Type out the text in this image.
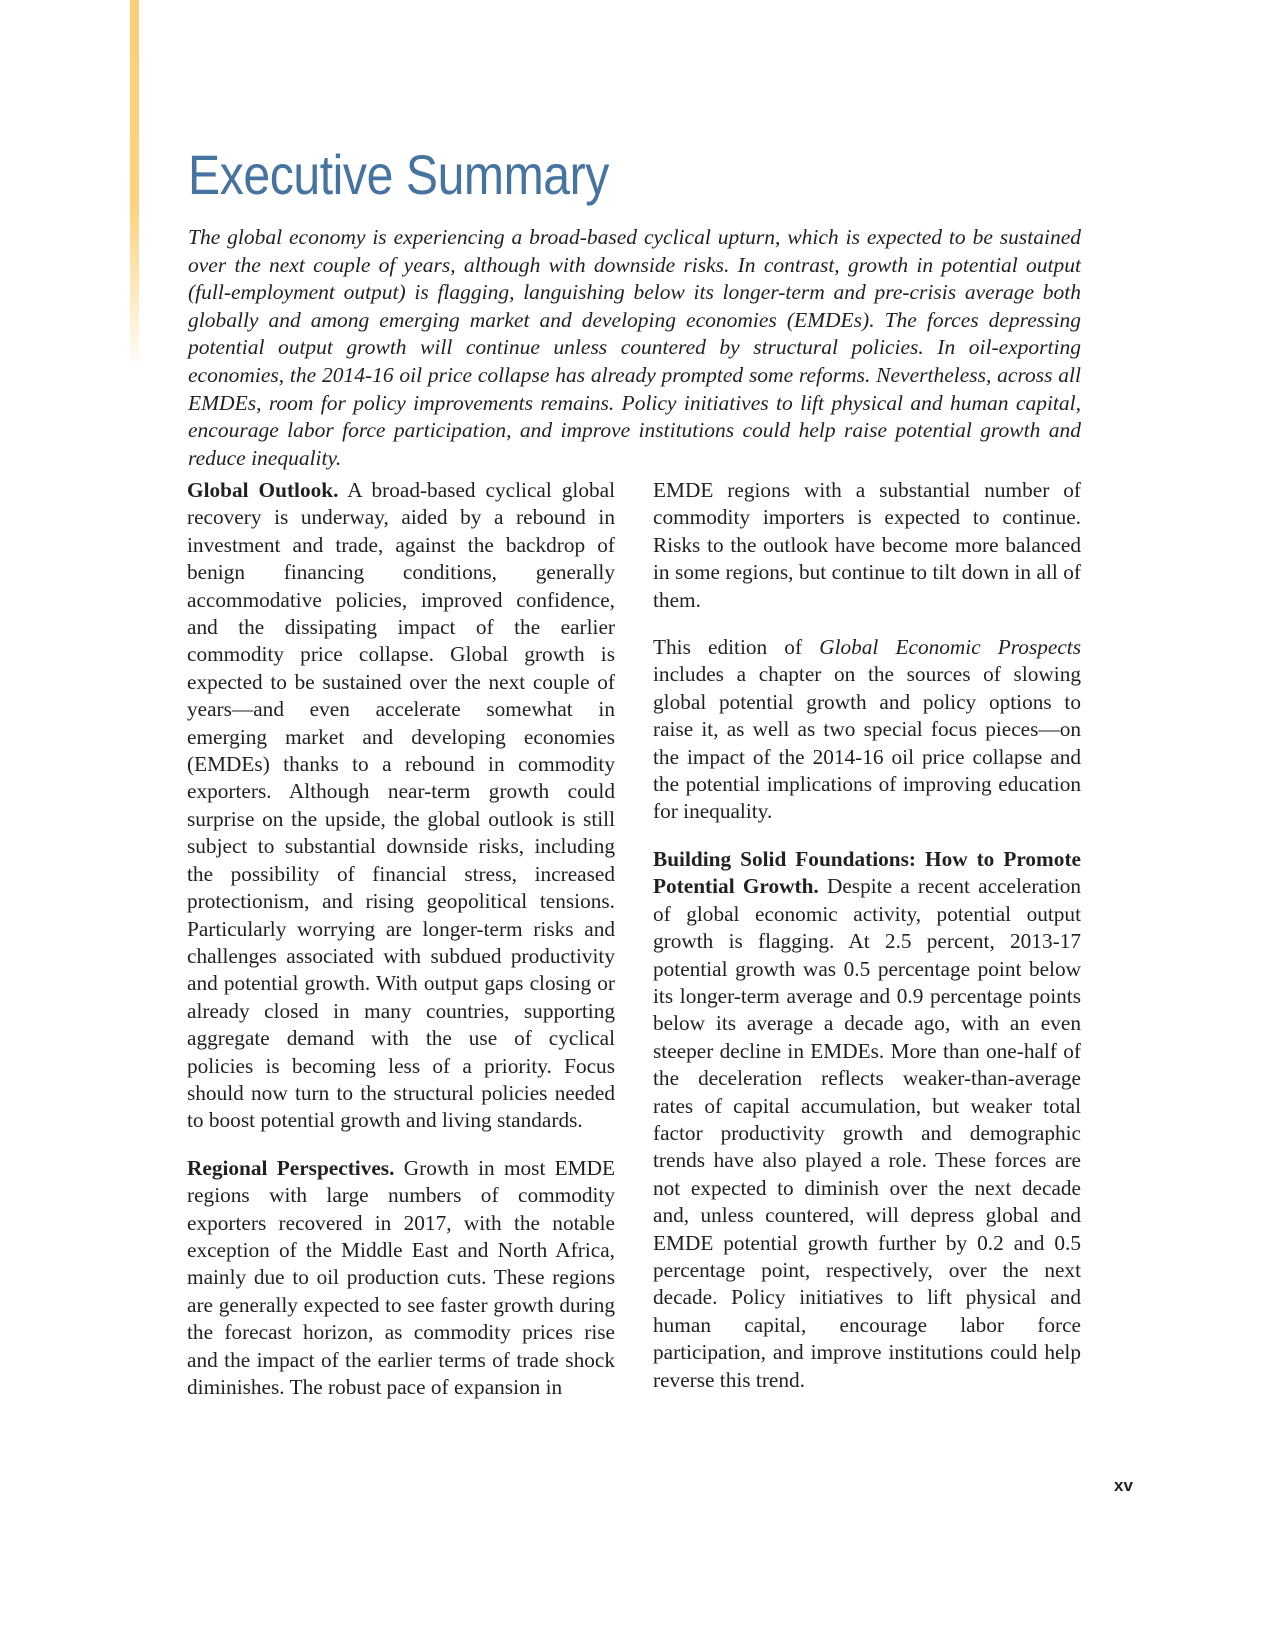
Executive Summary

The global economy is experiencing a broad-based cyclical upturn, which is expected to be sustained over the next couple of years, although with downside risks. In contrast, growth in potential output (full-employment output) is flagging, languishing below its longer-term and pre-crisis average both globally and among emerging market and developing economies (EMDEs). The forces depressing potential output growth will continue unless countered by structural policies. In oil-exporting economies, the 2014-16 oil price collapse has already prompted some reforms. Nevertheless, across all EMDEs, room for policy improvements remains. Policy initiatives to lift physical and human capital, encourage labor force participation, and improve institutions could help raise potential growth and reduce inequality.

Global Outlook. A broad-based cyclical global recovery is underway, aided by a rebound in investment and trade, against the backdrop of benign financing conditions, generally accommodative policies, improved confidence, and the dissipating impact of the earlier commodity price collapse. Global growth is expected to be sustained over the next couple of years—and even accelerate somewhat in emerging market and developing economies (EMDEs) thanks to a rebound in commodity exporters. Although near-term growth could surprise on the upside, the global outlook is still subject to substantial downside risks, including the possibility of financial stress, increased protectionism, and rising geopolitical tensions. Particularly worrying are longer-term risks and challenges associated with subdued productivity and potential growth. With output gaps closing or already closed in many countries, supporting aggregate demand with the use of cyclical policies is becoming less of a priority. Focus should now turn to the structural policies needed to boost potential growth and living standards.

Regional Perspectives. Growth in most EMDE regions with large numbers of commodity exporters recovered in 2017, with the notable exception of the Middle East and North Africa, mainly due to oil production cuts. These regions are generally expected to see faster growth during the forecast horizon, as commodity prices rise and the impact of the earlier terms of trade shock diminishes. The robust pace of expansion in

EMDE regions with a substantial number of commodity importers is expected to continue. Risks to the outlook have become more balanced in some regions, but continue to tilt down in all of them.

This edition of Global Economic Prospects includes a chapter on the sources of slowing global potential growth and policy options to raise it, as well as two special focus pieces—on the impact of the 2014-16 oil price collapse and the potential implications of improving education for inequality.

Building Solid Foundations: How to Promote Potential Growth. Despite a recent acceleration of global economic activity, potential output growth is flagging. At 2.5 percent, 2013-17 potential growth was 0.5 percentage point below its longer-term average and 0.9 percentage points below its average a decade ago, with an even steeper decline in EMDEs. More than one-half of the deceleration reflects weaker-than-average rates of capital accumulation, but weaker total factor productivity growth and demographic trends have also played a role. These forces are not expected to diminish over the next decade and, unless countered, will depress global and EMDE potential growth further by 0.2 and 0.5 percentage point, respectively, over the next decade. Policy initiatives to lift physical and human capital, encourage labor force participation, and improve institutions could help reverse this trend.

xv
